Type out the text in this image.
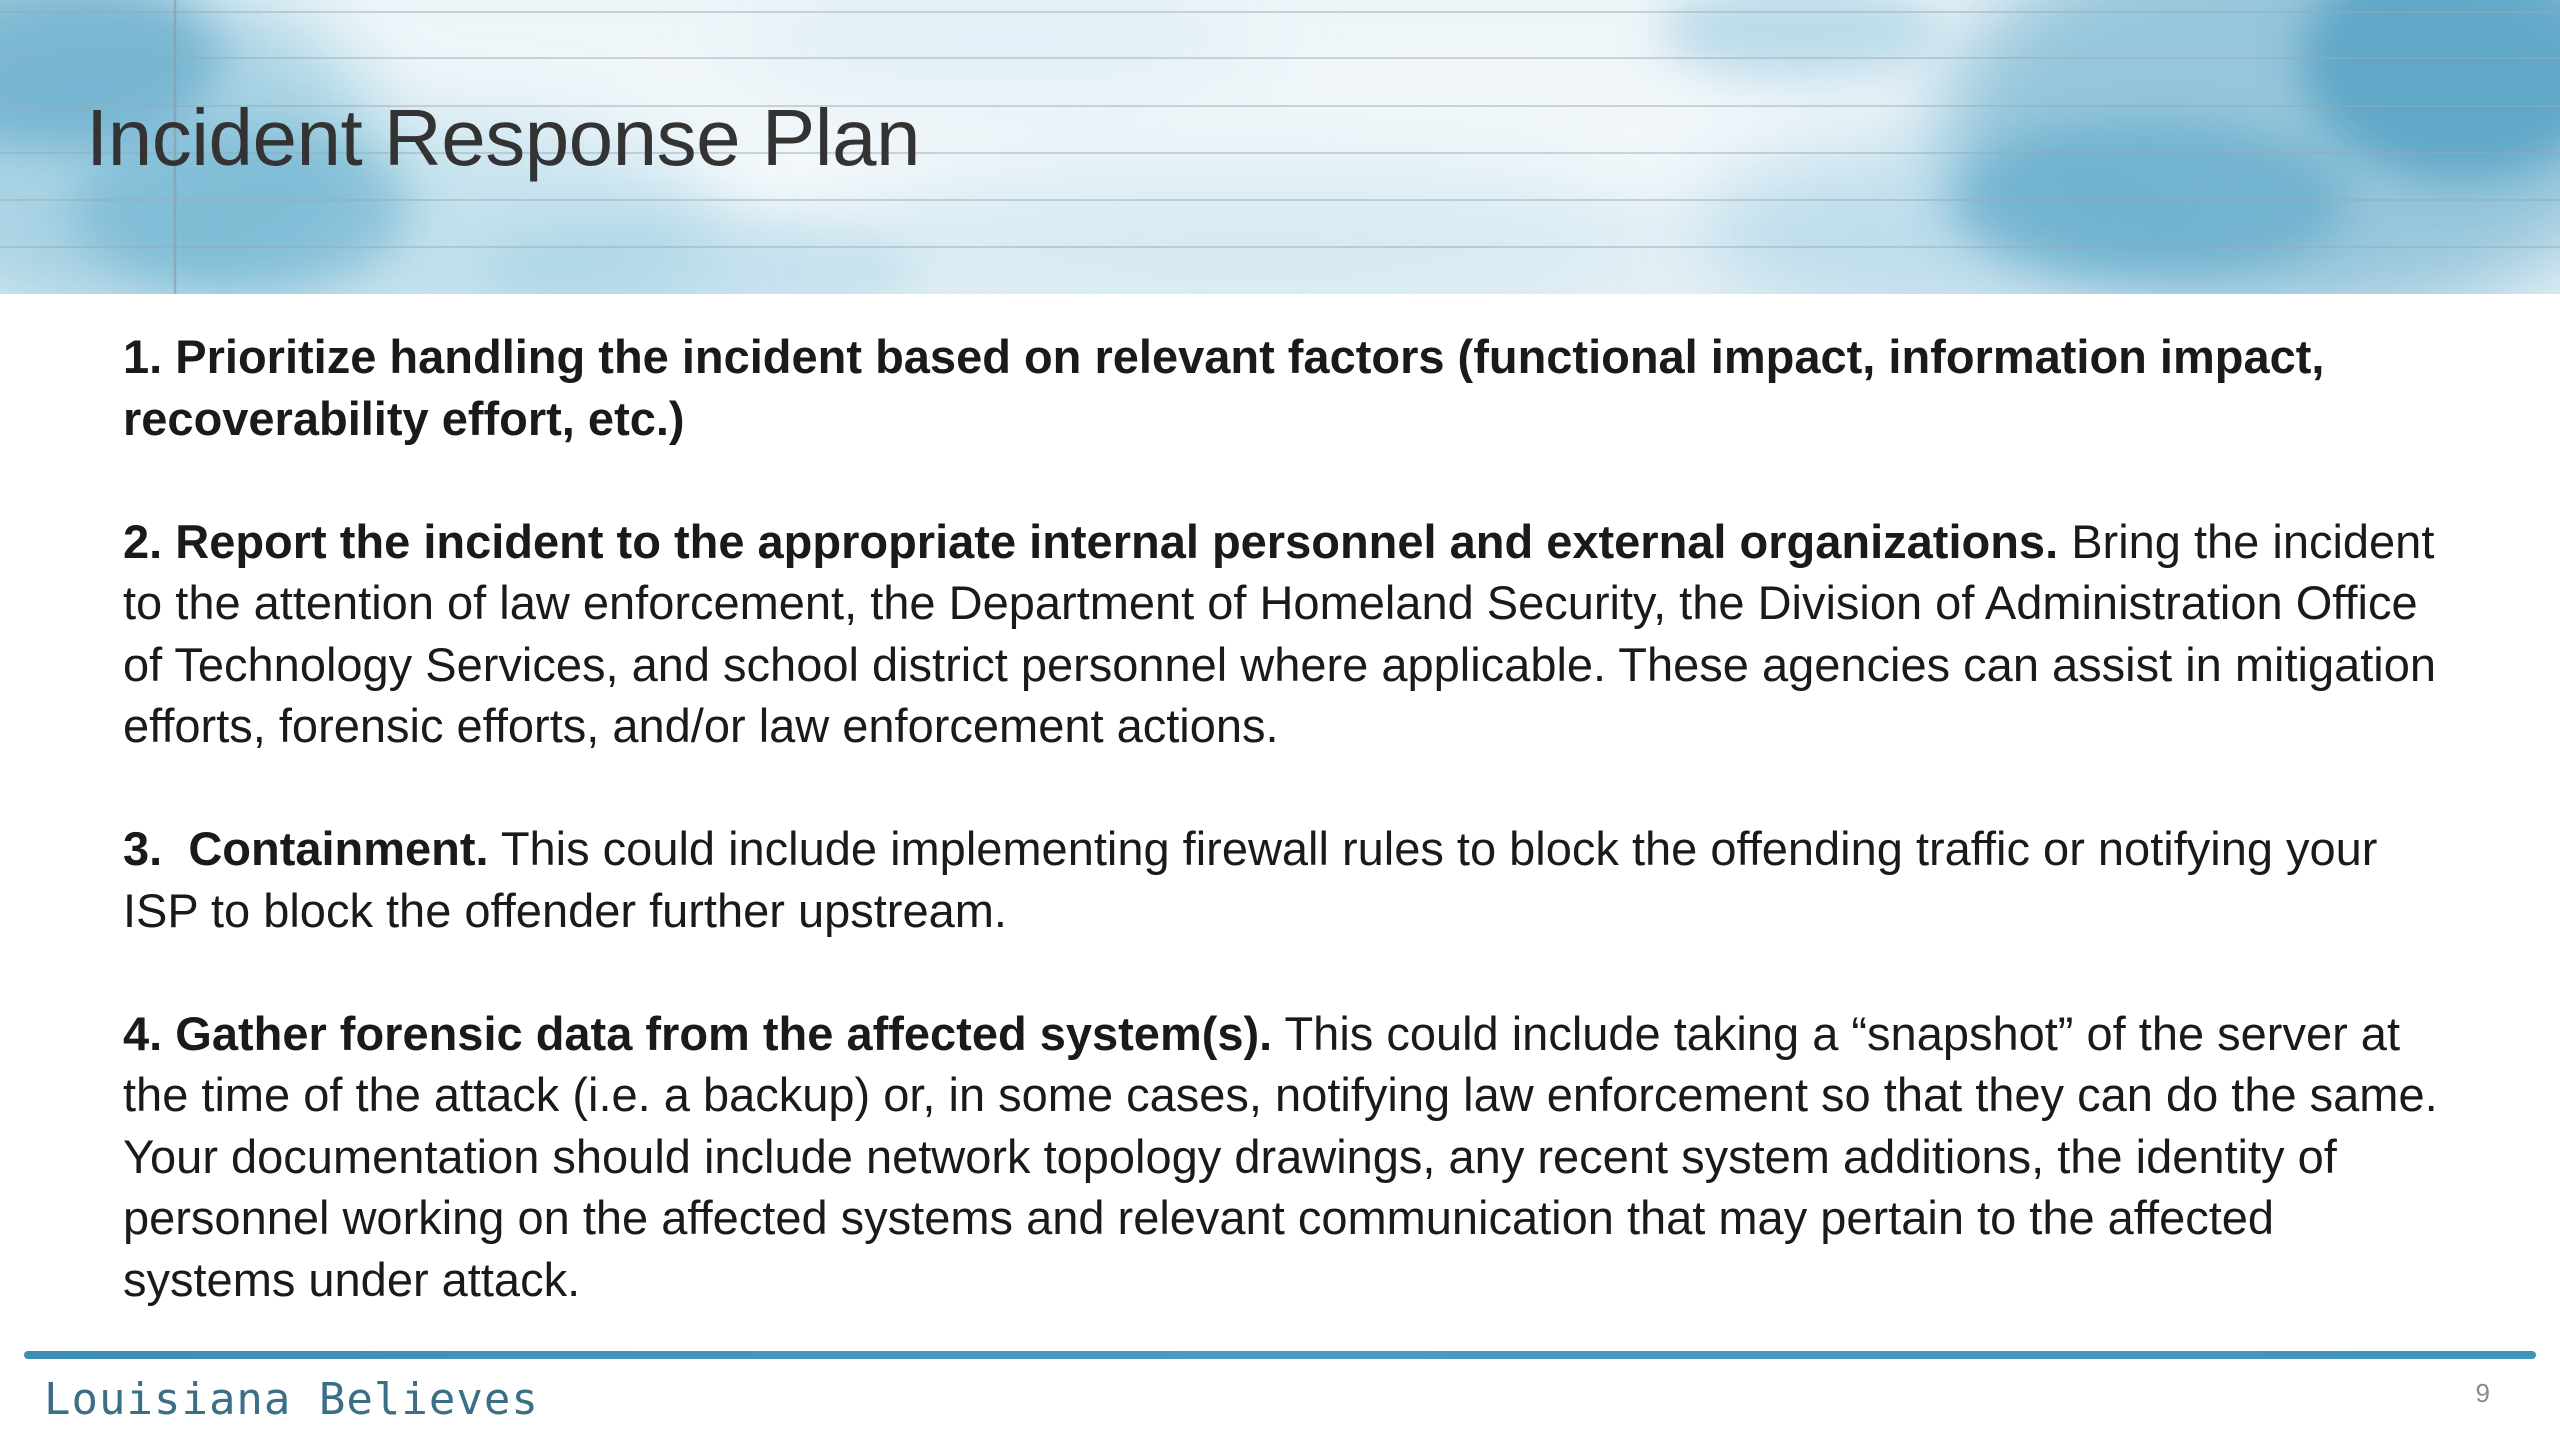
Incident Response Plan

1. Prioritize handling the incident based on relevant factors (functional impact, information impact, recoverability effort, etc.)

2. Report the incident to the appropriate internal personnel and external organizations. Bring the incident to the attention of law enforcement, the Department of Homeland Security, the Division of Administration Office of Technology Services, and school district personnel where applicable. These agencies can assist in mitigation efforts, forensic efforts, and/or law enforcement actions.

3. Containment. This could include implementing firewall rules to block the offending traffic or notifying your ISP to block the offender further upstream.

4. Gather forensic data from the affected system(s). This could include taking a “snapshot” of the server at the time of the attack (i.e. a backup) or, in some cases, notifying law enforcement so that they can do the same. Your documentation should include network topology drawings, any recent system additions, the identity of personnel working on the affected systems and relevant communication that may pertain to the affected systems under attack.

Louisiana Believes	9
